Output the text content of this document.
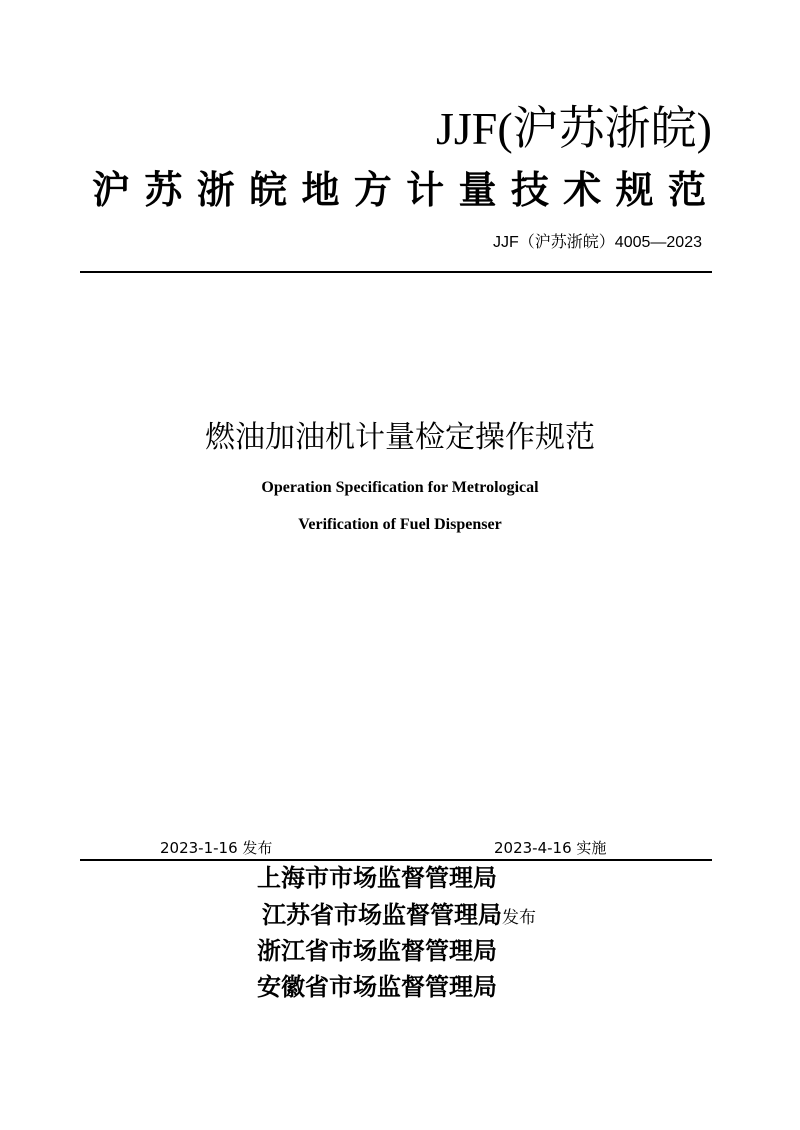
JJF(沪苏浙皖)
沪苏浙皖地方计量技术规范
JJF（沪苏浙皖）4005—2023
燃油加油机计量检定操作规范
Operation Specification for Metrological
Verification of Fuel Dispenser
2023-1-16 发布	2023-4-16 实施
上海市市场监督管理局
江苏省市场监督管理局发布
浙江省市场监督管理局
安徽省市场监督管理局
